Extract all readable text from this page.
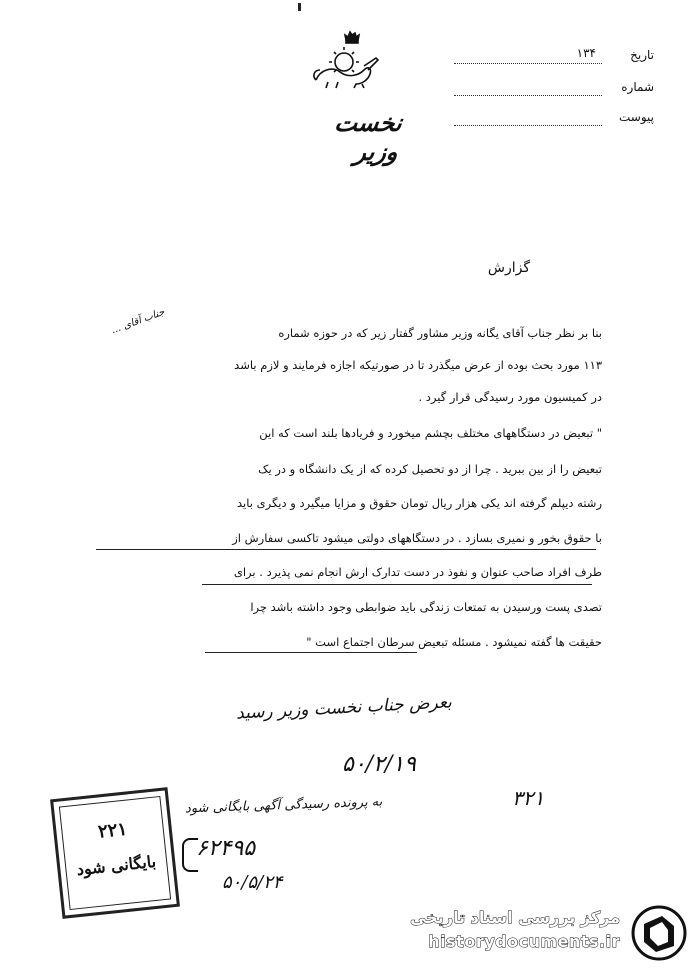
نخست وزیر
تاریخ
۱۳۴
شماره
پیوست
گزارش
جناب آقای ...	بنا بر نظر جناب آقای یگانه وزیر مشاور گفتار زیر که در حوزه شماره
۱۱۳ مورد بحث بوده از عرض میگذرد تا در صورتیکه اجازه فرمایند و لازم باشد
در کمیسیون مورد رسیدگی قرار گیرد .
" تبعیض در دستگاههای مختلف بچشم میخورد و فریادها بلند است که این
تبعیض را از بین ببرید . چرا از دو تحصیل کرده که از یک دانشگاه و در یک
رشته دیپلم گرفته اند یکی هزار ریال تومان حقوق و مزایا میگیرد و دیگری باید
با حقوق بخور و نمیری بسازد . در دستگاههای دولتی میشود تاکسی سفارش از
طرف افراد صاحب عنوان و نفوذ در دست تدارک ارش انجام نمی پذیرد . برای
تصدی پست ورسیدن به تمتعات زندگی باید ضوابطی وجود داشته باشد چرا
حقیقت ها گفته نمیشود . مسئله تبعیض سرطان اجتماع است "
بعرض جناب نخست وزیر رسید
۵۰/۲/۱۹
۳۲۱
به پرونده رسیدگی آگهی بایگانی شود
۶۲۴۹۵
۵۰/۵/۲۴
۲۲۱
بایگانی شود
مرکز بررسی اسناد تاریخی
historydocuments.ir
